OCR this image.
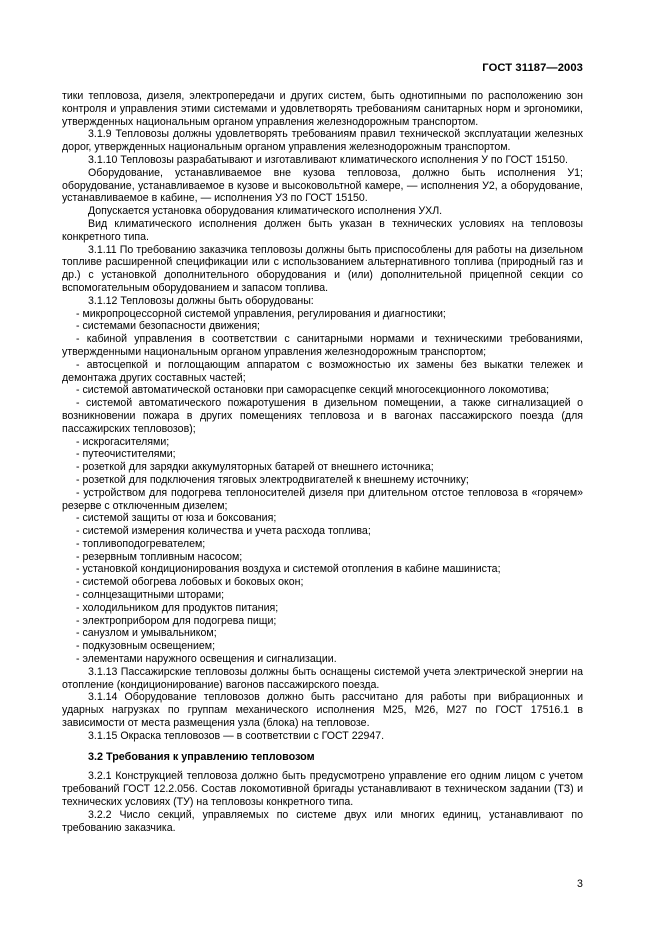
ГОСТ 31187—2003

тики тепловоза, дизеля, электропередачи и других систем, быть однотипными по расположению зон контроля и управления этими системами и удовлетворять требованиям санитарных норм и эргономики, утвержденных национальным органом управления железнодорожным транспортом.

3.1.9 Тепловозы должны удовлетворять требованиям правил технической эксплуатации железных дорог, утвержденных национальным органом управления железнодорожным транспортом.

3.1.10 Тепловозы разрабатывают и изготавливают климатического исполнения У по ГОСТ 15150.

Оборудование, устанавливаемое вне кузова тепловоза, должно быть исполнения У1; оборудование, устанавливаемое в кузове и высоковольтной камере, — исполнения У2, а оборудование, устанавливаемое в кабине, — исполнения У3 по ГОСТ 15150.

Допускается установка оборудования климатического исполнения УХЛ.

Вид климатического исполнения должен быть указан в технических условиях на тепловозы конкретного типа.

3.1.11 По требованию заказчика тепловозы должны быть приспособлены для работы на дизельном топливе расширенной спецификации или с использованием альтернативного топлива (природный газ и др.) с установкой дополнительного оборудования и (или) дополнительной прицепной секции со вспомогательным оборудованием и запасом топлива.

3.1.12 Тепловозы должны быть оборудованы:

- микропроцессорной системой управления, регулирования и диагностики;

- системами безопасности движения;

- кабиной управления в соответствии с санитарными нормами и техническими требованиями, утвержденными национальным органом управления железнодорожным транспортом;

- автосцепкой и поглощающим аппаратом с возможностью их замены без выкатки тележек и демонтажа других составных частей;

- системой автоматической остановки при саморасцепке секций многосекционного локомотива;

- системой автоматического пожаротушения в дизельном помещении, а также сигнализацией о возникновении пожара в других помещениях тепловоза и в вагонах пассажирского поезда (для пассажирских тепловозов);

- искрогасителями;

- путеочистителями;

- розеткой для зарядки аккумуляторных батарей от внешнего источника;

- розеткой для подключения тяговых электродвигателей к внешнему источнику;

- устройством для подогрева теплоносителей дизеля при длительном отстое тепловоза в «горячем» резерве с отключенным дизелем;

- системой защиты от юза и боксования;

- системой измерения количества и учета расхода топлива;

- топливоподогревателем;

- резервным топливным насосом;

- установкой кондиционирования воздуха и системой отопления в кабине машиниста;

- системой обогрева лобовых и боковых окон;

- солнцезащитными шторами;

- холодильником для продуктов питания;

- электроприбором для подогрева пищи;

- санузлом и умывальником;

- подкузовным освещением;

- элементами наружного освещения и сигнализации.

3.1.13 Пассажирские тепловозы должны быть оснащены системой учета электрической энергии на отопление (кондиционирование) вагонов пассажирского поезда.

3.1.14 Оборудование тепловозов должно быть рассчитано для работы при вибрационных и ударных нагрузках по группам механического исполнения М25, М26, М27 по ГОСТ 17516.1 в зависимости от места размещения узла (блока) на тепловозе.

3.1.15 Окраска тепловозов — в соответствии с ГОСТ 22947.

3.2 Требования к управлению тепловозом

3.2.1 Конструкцией тепловоза должно быть предусмотрено управление его одним лицом с учетом требований ГОСТ 12.2.056. Состав локомотивной бригады устанавливают в техническом задании (ТЗ) и технических условиях (ТУ) на тепловозы конкретного типа.

3.2.2 Число секций, управляемых по системе двух или многих единиц, устанавливают по требованию заказчика.

3
